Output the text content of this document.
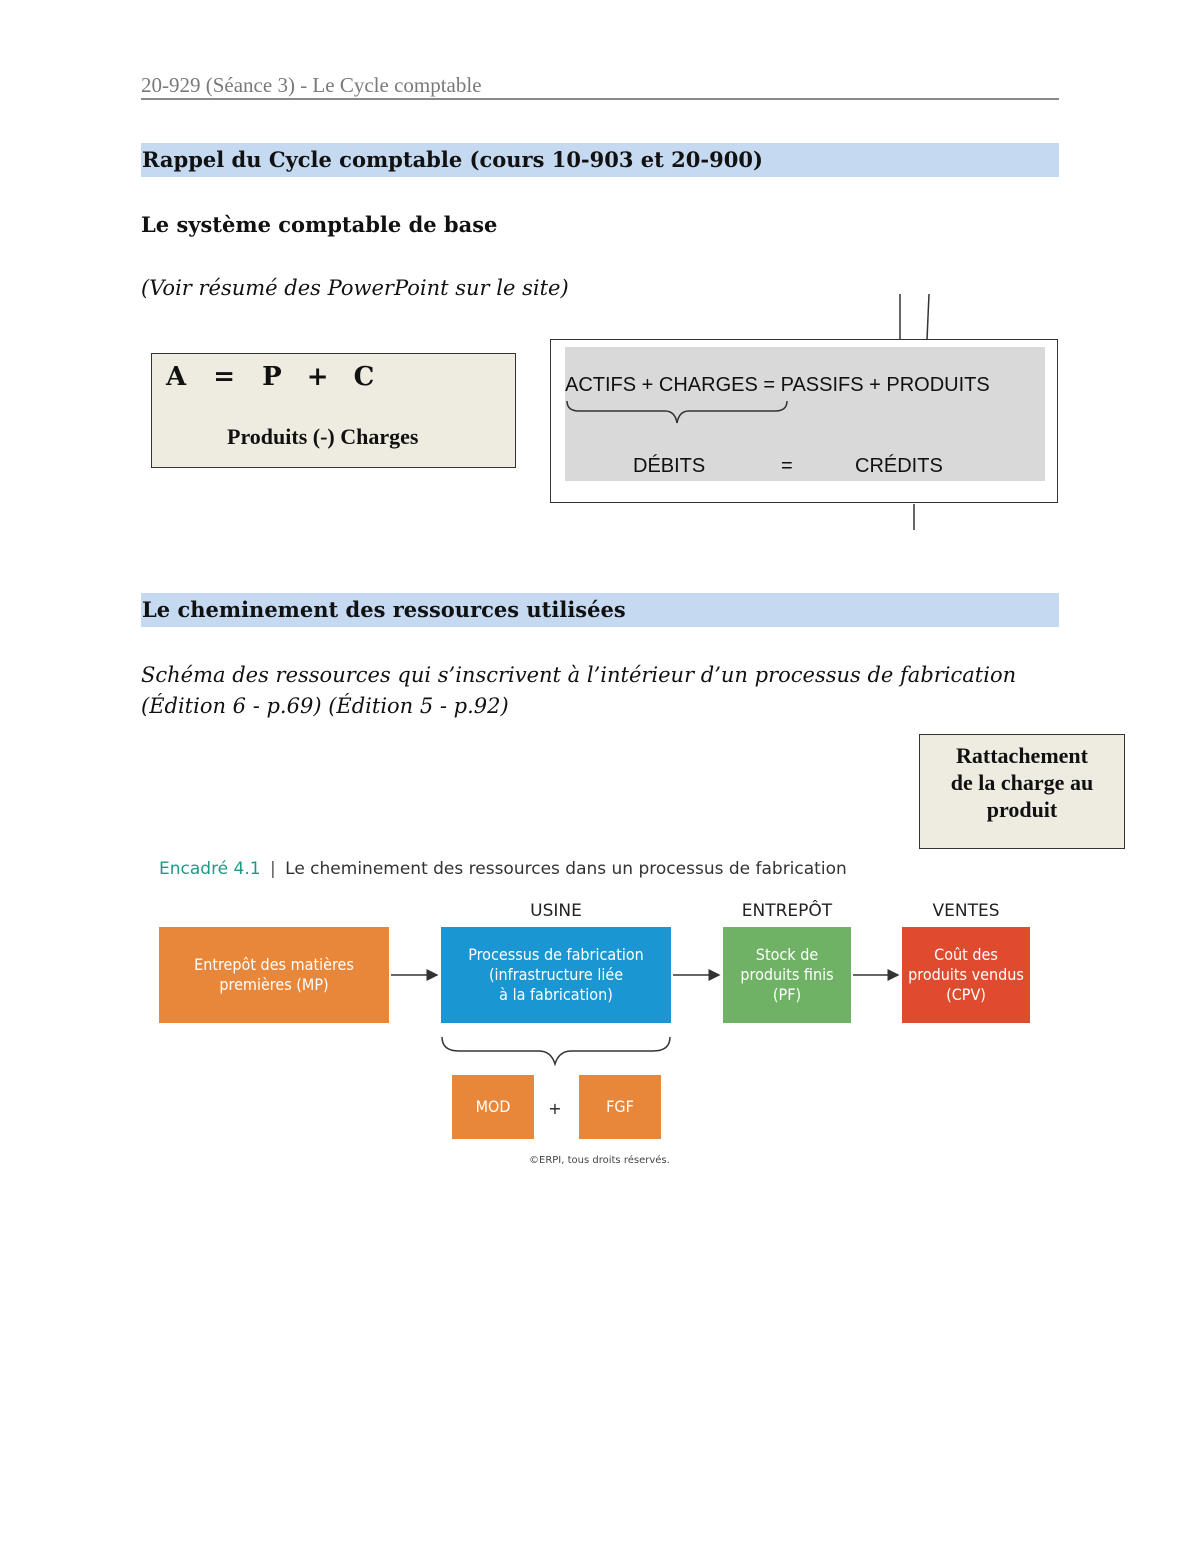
20-929 (Séance 3) - Le Cycle comptable
Rappel du Cycle comptable (cours 10-903 et 20-900)
Le système comptable de base
(Voir résumé des PowerPoint sur le site)
A = P + C
Produits (-) Charges
ACTIFS + CHARGES = PASSIFS + PRODUITS
DÉBITS	=	CRÉDITS
Le cheminement des ressources utilisées
Schéma des ressources qui s’inscrivent à l’intérieur d’un processus de fabrication
(Édition 6 - p.69) (Édition 5 - p.92)
Rattachement
de la charge au
produit
Encadré 4.1 | Le cheminement des ressources dans un processus de fabrication
USINE	ENTREPÔT	VENTES
Entrepôt des matières
premières (MP)
Processus de fabrication
(infrastructure liée
à la fabrication)
Stock de
produits finis
(PF)
Coût des
produits vendus
(CPV)
MOD	+	FGF
©ERPI, tous droits réservés.
